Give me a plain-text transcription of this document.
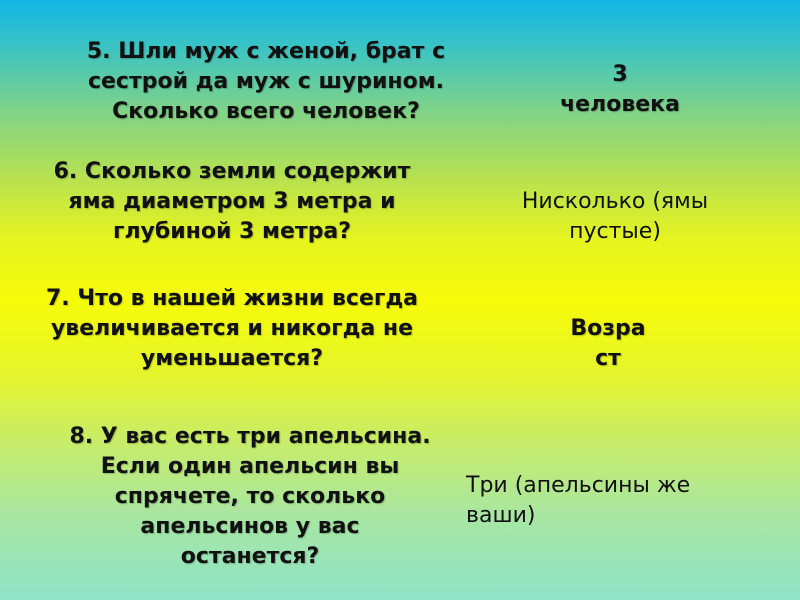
5. Шли муж с женой, брат с
сестрой да муж с шурином.
Сколько всего человек?
3
человека
6. Сколько земли содержит
яма диаметром 3 метра и
глубиной 3 метра?
Нисколько (ямы
пустые)
7. Что в нашей жизни всегда
увеличивается и никогда не
уменьшается?
Возра
ст
8. У вас есть три апельсина.
Если один апельсин вы
спрячете, то сколько
апельсинов у вас
останется?
Три (апельсины же
ваши)
